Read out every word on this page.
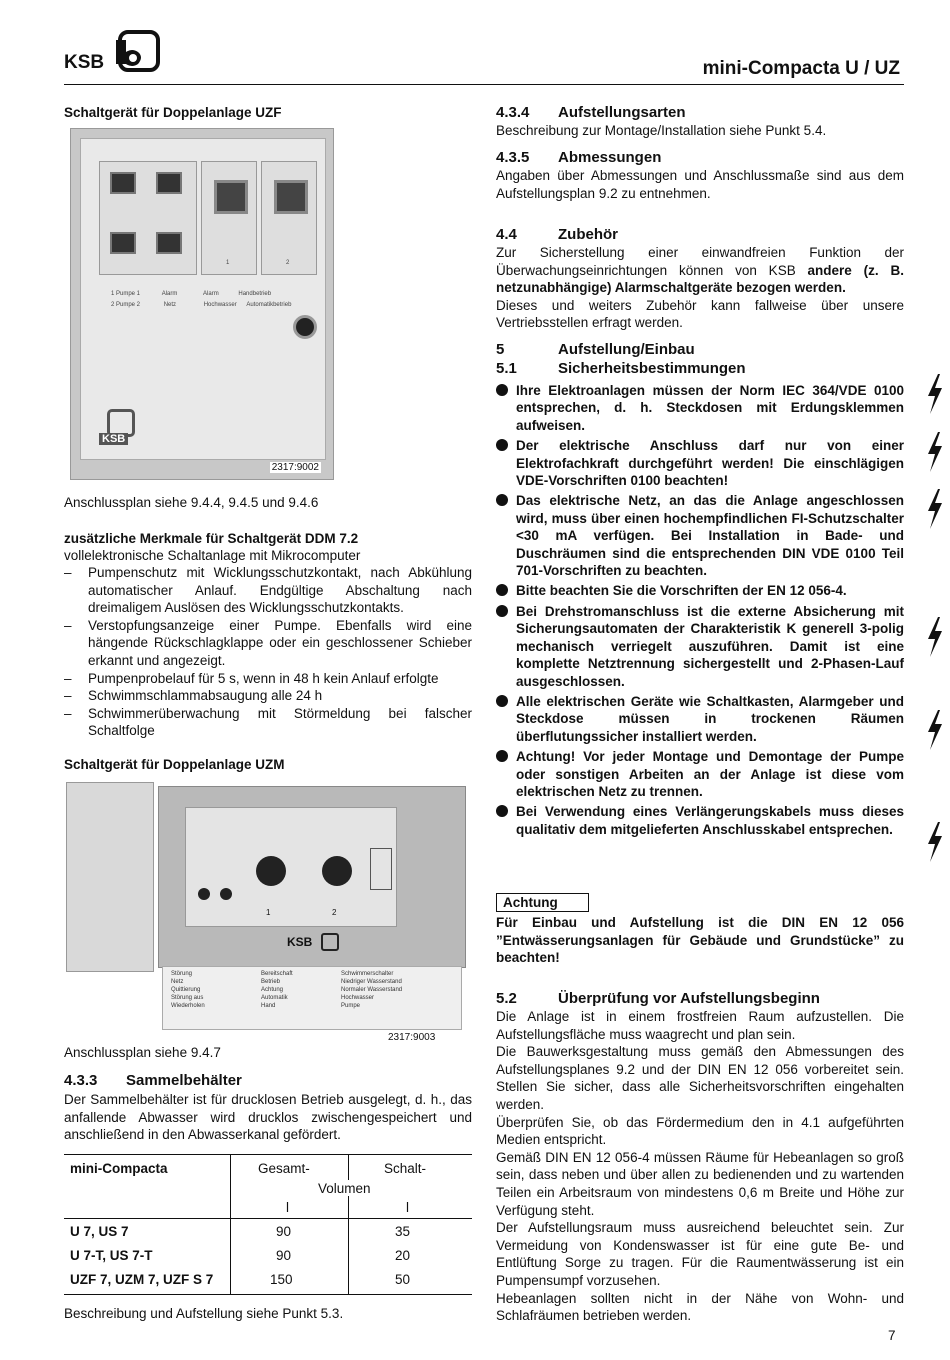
KSB	mini-Compacta U / UZ
Schaltgerät für Doppelanlage UZF
1	2
1 Pumpe 1	Alarm	Alarm	Handbetrieb
2 Pumpe 2	Netz	Hochwasser Automatikbetrieb
KSB
2317:9002
Anschlussplan siehe 9.4.4, 9.4.5 und 9.4.6
zusätzliche Merkmale für Schaltgerät DDM 7.2
vollelektronische Schaltanlage mit Mikrocomputer
– Pumpenschutz mit Wicklungsschutzkontakt, nach Abkühlung automatischer Anlauf. Endgültige Abschaltung nach dreimaligem Auslösen des Wicklungsschutzkontakts.
– Verstopfungsanzeige einer Pumpe. Ebenfalls wird eine hängende Rückschlagklappe oder ein geschlossener Schieber erkannt und angezeigt.
– Pumpenprobelauf für 5 s, wenn in 48 h kein Anlauf erfolgte
– Schwimmschlammabsaugung alle 24 h
– Schwimmerüberwachung mit Störmeldung bei falscher Schaltfolge
Schaltgerät für Doppelanlage UZM
1	2
KSB
Störung
Netz
Quittierung
Störung aus
Wiederholen
Bereitschaft
Betrieb
Achtung
Automatik
Hand
Schwimmerschalter
Niedriger Wasserstand
Normaler Wasserstand
Hochwasser
Pumpe
2317:9003
Anschlussplan siehe 9.4.7
4.3.3 Sammelbehälter
Der Sammelbehälter ist für drucklosen Betrieb ausgelegt, d. h., das anfallende Abwasser wird drucklos zwischengespeichert und anschließend in den Abwasserkanal gefördert.
mini-Compacta	Gesamt-	Schalt-
Volumen
l	l
U 7, US 7	90	35
U 7-T, US 7-T	90	20
UZF 7, UZM 7, UZF S 7	150	50
Beschreibung und Aufstellung siehe Punkt 5.3.
4.3.4 Aufstellungsarten
Beschreibung zur Montage/Installation siehe Punkt 5.4.
4.3.5 Abmessungen
Angaben über Abmessungen und Anschlussmaße sind aus dem Aufstellungsplan 9.2 zu entnehmen.
4.4	Zubehör
Zur Sicherstellung einer einwandfreien Funktion der Überwachungseinrichtungen können von KSB andere (z. B. netzunabhängige) Alarmschaltgeräte bezogen werden.
Dieses und weiters Zubehör kann fallweise über unsere Vertriebsstellen erfragt werden.
5	Aufstellung/Einbau
5.1	Sicherheitsbestimmungen
Ihre Elektroanlagen müssen der Norm IEC 364/VDE 0100 entsprechen, d. h. Steckdosen mit Erdungsklemmen aufweisen.
Der elektrische Anschluss darf nur von einer Elektrofachkraft durchgeführt werden! Die einschlägigen VDE-Vorschriften 0100 beachten!
Das elektrische Netz, an das die Anlage angeschlossen wird, muss über einen hochempfindlichen FI-Schutzschalter <30 mA verfügen. Bei Installation in Bade- und Duschräumen sind die entsprechenden DIN VDE 0100 Teil 701-Vorschriften zu beachten.
Bitte beachten Sie die Vorschriften der EN 12 056-4.
Bei Drehstromanschluss ist die externe Absicherung mit Sicherungsautomaten der Charakteristik K generell 3-polig mechanisch verriegelt auszuführen. Damit ist eine komplette Netztrennung sichergestellt und 2-Phasen-Lauf ausgeschlossen.
Alle elektrischen Geräte wie Schaltkasten, Alarmgeber und Steckdose müssen in trockenen Räumen überflutungssicher installiert werden.
Achtung! Vor jeder Montage und Demontage der Pumpe oder sonstigen Arbeiten an der Anlage ist diese vom elektrischen Netz zu trennen.
Bei Verwendung eines Verlängerungskabels muss dieses qualitativ dem mitgelieferten Anschlusskabel entsprechen.
Achtung
Für Einbau und Aufstellung ist die DIN EN 12 056 ”Entwässerungsanlagen für Gebäude und Grundstücke” zu beachten!
5.2	Überprüfung vor Aufstellungsbeginn
Die Anlage ist in einem frostfreien Raum aufzustellen. Die Aufstellungsfläche muss waagrecht und plan sein.
Die Bauwerksgestaltung muss gemäß den Abmessungen des Aufstellungsplanes 9.2 und der DIN EN 12 056 vorbereitet sein. Stellen Sie sicher, dass alle Sicherheitsvorschriften eingehalten werden.
Überprüfen Sie, ob das Fördermedium den in 4.1 aufgeführten Medien entspricht.
Gemäß DIN EN 12 056-4 müssen Räume für Hebeanlagen so groß sein, dass neben und über allen zu bedienenden und zu wartenden Teilen ein Arbeitsraum von mindestens 0,6 m Breite und Höhe zur Verfügung steht.
Der Aufstellungsraum muss ausreichend beleuchtet sein. Zur Vermeidung von Kondenswasser ist für eine gute Be- und Entlüftung Sorge zu tragen. Für die Raumentwässerung ist ein Pumpensumpf vorzusehen.
Hebeanlagen sollten nicht in der Nähe von Wohn- und Schlafräumen betrieben werden.
7
